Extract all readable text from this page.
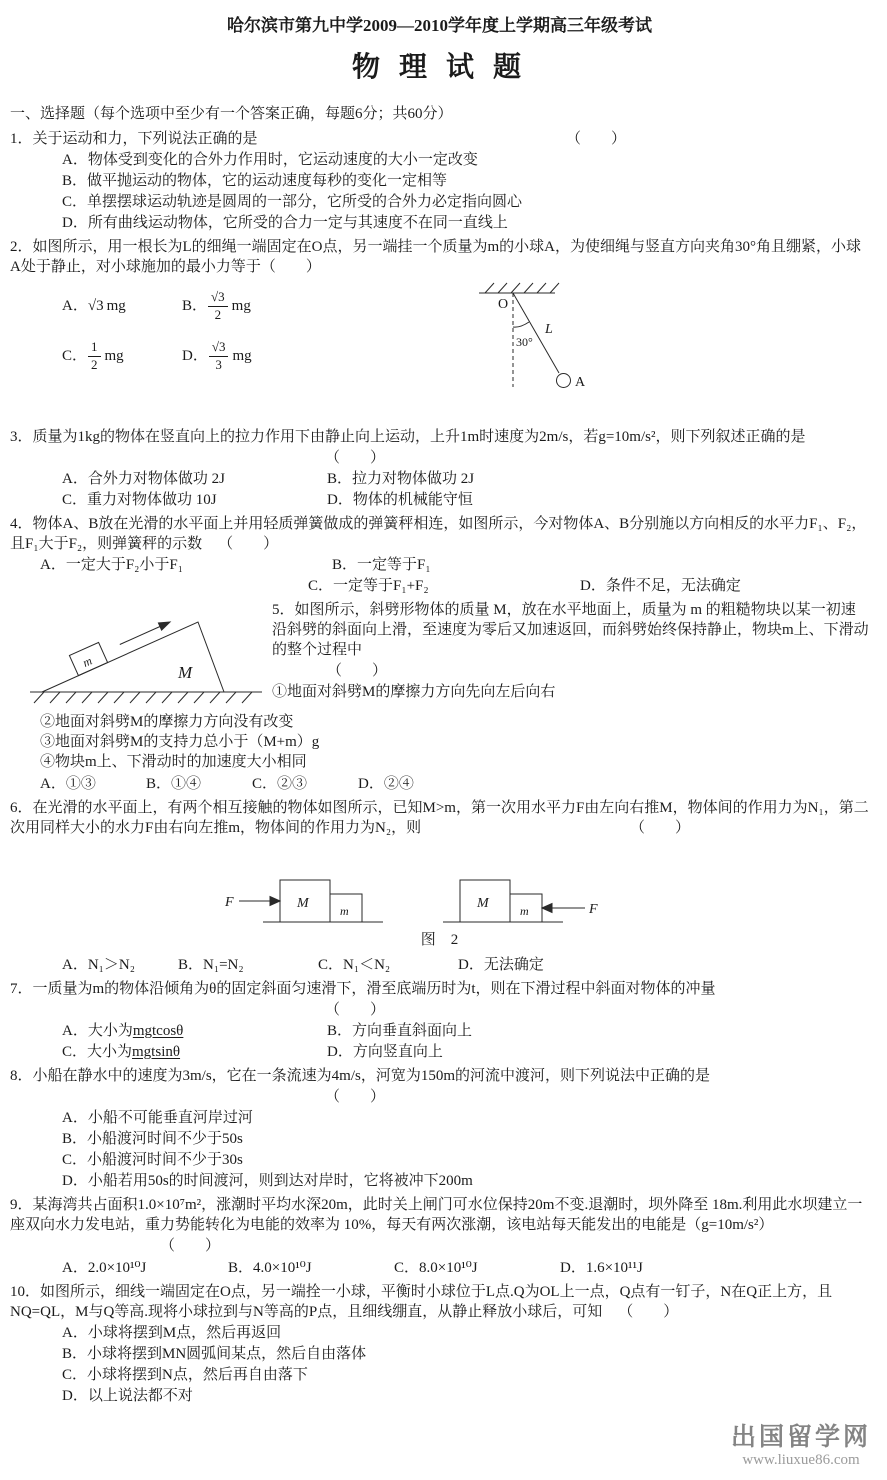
哈尔滨市第九中学2009—2010学年度上学期高三年级考试
物 理 试 题
一、选择题（每个选项中至少有一个答案正确，每题6分；共60分）
1．关于运动和力，下列说法正确的是	（　　）
A．物体受到变化的合外力作用时，它运动速度的大小一定改变
B．做平抛运动的物体，它的运动速度每秒的变化一定相等
C．单摆摆球运动轨迹是圆周的一部分，它所受的合外力必定指向圆心
D．所有曲线运动物体，它所受的合力一定与其速度不在同一直线上
O
30°
L
A
2．如图所示，用一根长为L的细绳一端固定在O点，另一端挂一个质量为m的小球A，为使细绳与竖直方向夹角30°角且绷紧，小球A处于静止，对小球施加的最小力等于（　　）
A． √3 mg	B． $\frac{√3}{2}$ mg
C． $\frac{1}{2}$ mg	D． $\frac{√3}{3}$ mg
3．质量为1kg的物体在竖直向上的拉力作用下由静止向上运动，上升1m时速度为2m/s，若g=10m/s²，则下列叙述正确的是
（　　）
A．合外力对物体做功 2J	B．拉力对物体做功 2J
C．重力对物体做功 10J	D．物体的机械能守恒
4．物体A、B放在光滑的水平面上并用轻质弹簧做成的弹簧秤相连，如图所示，今对物体A、B分别施以方向相反的水平力F₁、F₂，且F₁大于F₂，则弹簧秤的示数 （　　）
A．一定大于F₂小于F₁	B．一定等于F₁
C．一定等于F₁+F₂	D．条件不足，无法确定
m
M
5．如图所示，斜劈形物体的质量 M，放在水平地面上，质量为 m 的粗糙物块以某一初速沿斜劈的斜面向上滑，至速度为零后又加速返回，而斜劈始终保持静止，物块m上、下滑动的整个过程中
（　　）
①地面对斜劈M的摩擦力方向先向左后向右
②地面对斜劈M的摩擦力方向没有改变
③地面对斜劈M的支持力总小于（M+m）g
④物块m上、下滑动时的加速度大小相同
A．①③	B．①④	C．②③	D．②④
6．在光滑的水平面上，有两个相互接触的物体如图所示，已知M>m，第一次用水平力F由左向右推M，物体间的作用力为N₁，第二次用同样大小的水力F由右向左推m，物体间的作用力为N₂，则	（　　）
F	M	m	M	m	F
图　2
A．N₁＞N₂	B．N₁=N₂	C．N₁＜N₂	D．无法确定
7．一质量为m的物体沿倾角为θ的固定斜面匀速滑下，滑至底端历时为t，则在下滑过程中斜面对物体的冲量
（　　）
A．大小为mgtcosθ	B．方向垂直斜面向上
C．大小为mgtsinθ	D．方向竖直向上
8．小船在静水中的速度为3m/s，它在一条流速为4m/s，河宽为150m的河流中渡河，则下列说法中正确的是
（　　）
A．小船不可能垂直河岸过河
B．小船渡河时间不少于50s
C．小船渡河时间不少于30s
D．小船若用50s的时间渡河，则到达对岸时，它将被冲下200m
9．某海湾共占面积1.0×10⁷m²，涨潮时平均水深20m，此时关上闸门可水位保持20m不变.退潮时，坝外降至 18m.利用此水坝建立一座双向水力发电站，重力势能转化为电能的效率为 10%，每天有两次涨潮，该电站每天能发出的电能是（g=10m/s²）
（　　）
A．2.0×10¹⁰J	B．4.0×10¹⁰J	C．8.0×10¹⁰J	D．1.6×10¹¹J
10．如图所示，细线一端固定在O点，另一端拴一小球，平衡时小球位于L点.Q为OL上一点，Q点有一钉子，N在Q正上方，且NQ=QL，M与Q等高.现将小球拉到与N等高的P点，且细线绷直，从静止释放小球后，可知 （　　）
A．小球将摆到M点，然后再返回
B．小球将摆到MN圆弧间某点，然后自由落体
C．小球将摆到N点，然后再自由落下
D．以上说法都不对
出国留学网
www.liuxue86.com
